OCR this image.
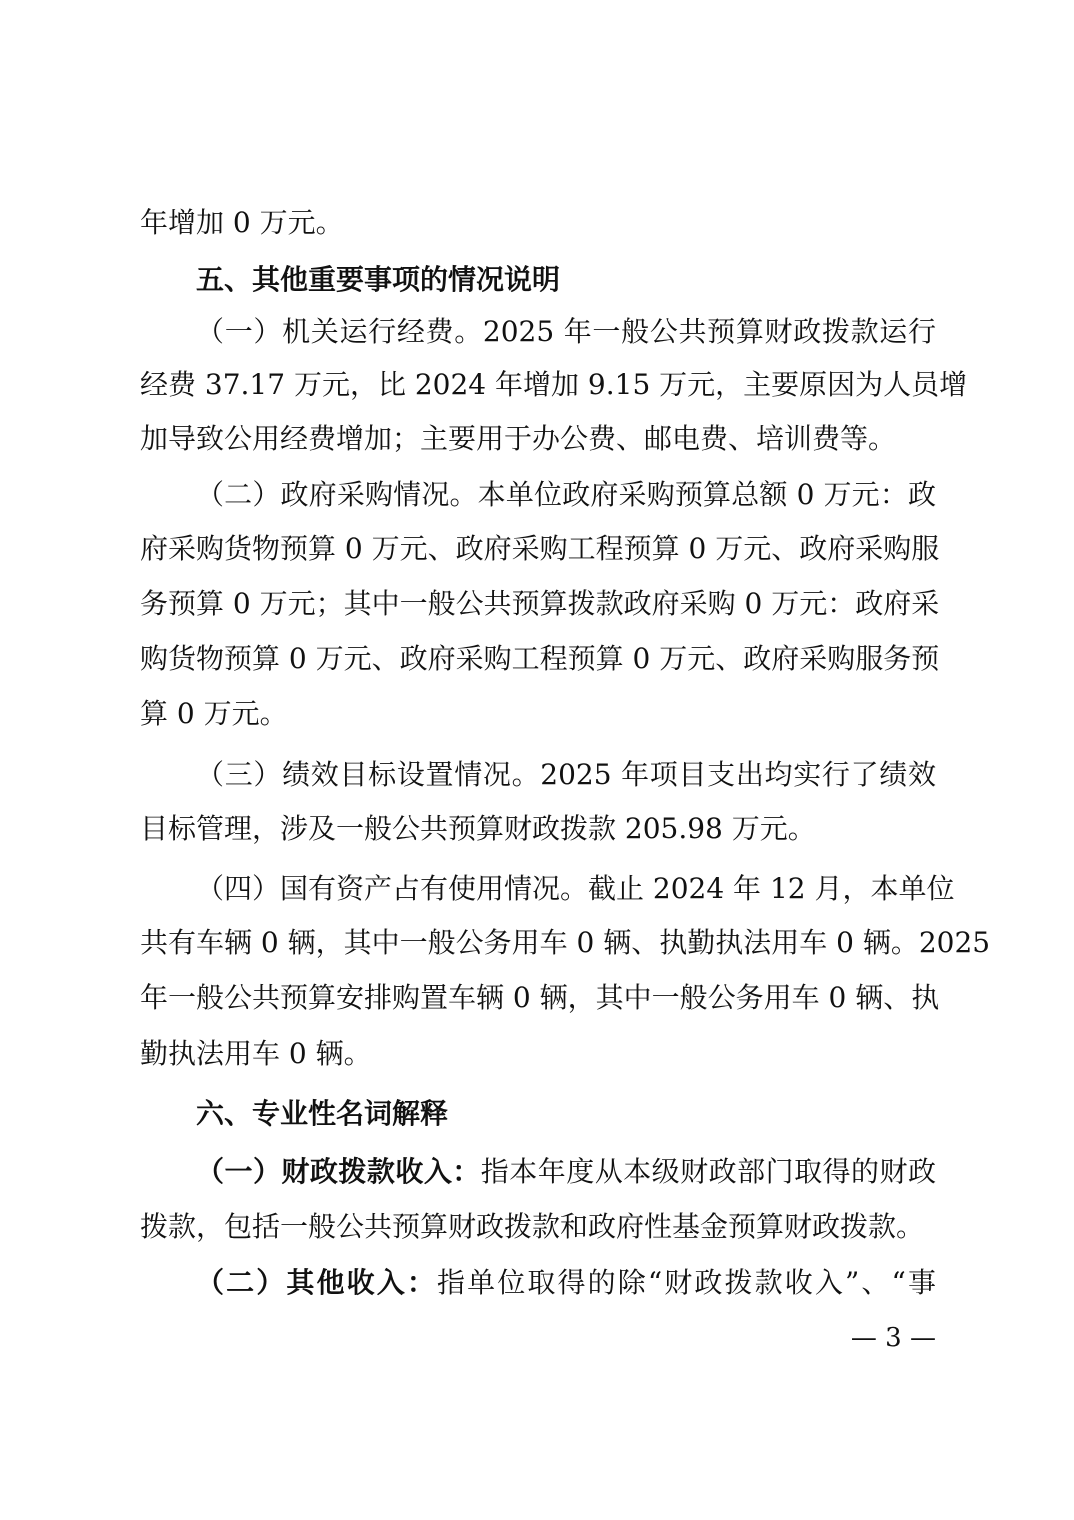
年增加 0 万元。
五、其他重要事项的情况说明
（一）机关运行经费。2025 年一般公共预算财政拨款运行
经费 37.17 万元，比 2024 年增加 9.15 万元，主要原因为人员增
加导致公用经费增加；主要用于办公费、邮电费、培训费等。
（二）政府采购情况。本单位政府采购预算总额 0 万元：政
府采购货物预算 0 万元、政府采购工程预算 0 万元、政府采购服
务预算 0 万元；其中一般公共预算拨款政府采购 0 万元：政府采
购货物预算 0 万元、政府采购工程预算 0 万元、政府采购服务预
算 0 万元。
（三）绩效目标设置情况。2025 年项目支出均实行了绩效
目标管理，涉及一般公共预算财政拨款 205.98 万元。
（四）国有资产占有使用情况。截止 2024 年 12 月，本单位
共有车辆 0 辆，其中一般公务用车 0 辆、执勤执法用车 0 辆。2025
年一般公共预算安排购置车辆 0 辆，其中一般公务用车 0 辆、执
勤执法用车 0 辆。
六、专业性名词解释
（一）财政拨款收入：指本年度从本级财政部门取得的财政
拨款，包括一般公共预算财政拨款和政府性基金预算财政拨款。
（二）其他收入：指单位取得的除“财政拨款收入”、“事
— 3 —
